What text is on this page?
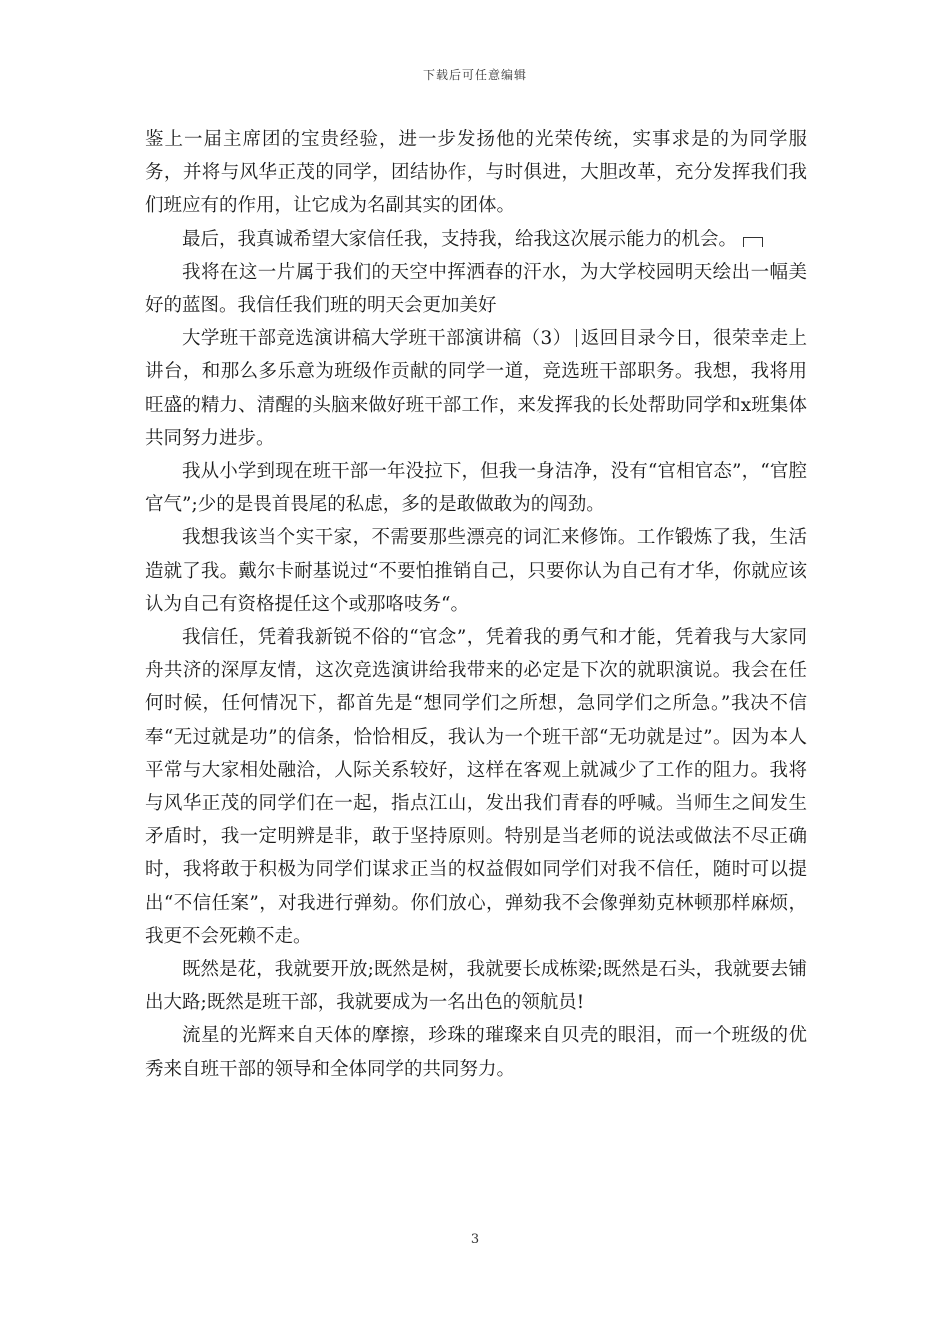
下载后可任意编辑

鉴上一届主席团的宝贵经验，进一步发扬他的光荣传统，实事求是的为同学服务，并将与风华正茂的同学，团结协作，与时俱进，大胆改革，充分发挥我们我们班应有的作用，让它成为名副其实的团体。

最后，我真诚希望大家信任我，支持我，给我这次展示能力的机会。

我将在这一片属于我们的天空中挥洒春的汗水，为大学校园明天绘出一幅美好的蓝图。我信任我们班的明天会更加美好

大学班干部竞选演讲稿大学班干部演讲稿（3） 返回目录今日，很荣幸走上讲台，和那么多乐意为班级作贡献的同学一道，竞选班干部职务。我想，我将用旺盛的精力、清醒的头脑来做好班干部工作，来发挥我的长处帮助同学和x班集体共同努力进步。

我从小学到现在班干部一年没拉下，但我一身洁净，没有“官相官态”，“官腔官气”;少的是畏首畏尾的私虑，多的是敢做敢为的闯劲。

我想我该当个实干家，不需要那些漂亮的词汇来修饰。工作锻炼了我，生活造就了我。戴尔卡耐基说过“不要怕推销自己，只要你认为自己有才华，你就应该认为自己有资格提任这个或那咯吱务“。

我信任，凭着我新锐不俗的“官念”，凭着我的勇气和才能，凭着我与大家同舟共济的深厚友情，这次竞选演讲给我带来的必定是下次的就职演说。我会在任何时候，任何情况下，都首先是“想同学们之所想，急同学们之所急。”我决不信奉“无过就是功”的信条，恰恰相反，我认为一个班干部“无功就是过”。因为本人平常与大家相处融洽，人际关系较好，这样在客观上就减少了工作的阻力。我将与风华正茂的同学们在一起，指点江山，发出我们青春的呼喊。当师生之间发生矛盾时，我一定明辨是非，敢于坚持原则。特别是当老师的说法或做法不尽正确时，我将敢于积极为同学们谋求正当的权益假如同学们对我不信任，随时可以提出“不信任案”，对我进行弹劾。你们放心，弹劾我不会像弹劾克林顿那样麻烦，我更不会死赖不走。

既然是花，我就要开放;既然是树，我就要长成栋梁;既然是石头，我就要去铺出大路;既然是班干部，我就要成为一名出色的领航员!

流星的光辉来自天体的摩擦，珍珠的璀璨来自贝壳的眼泪，而一个班级的优秀来自班干部的领导和全体同学的共同努力。

3
